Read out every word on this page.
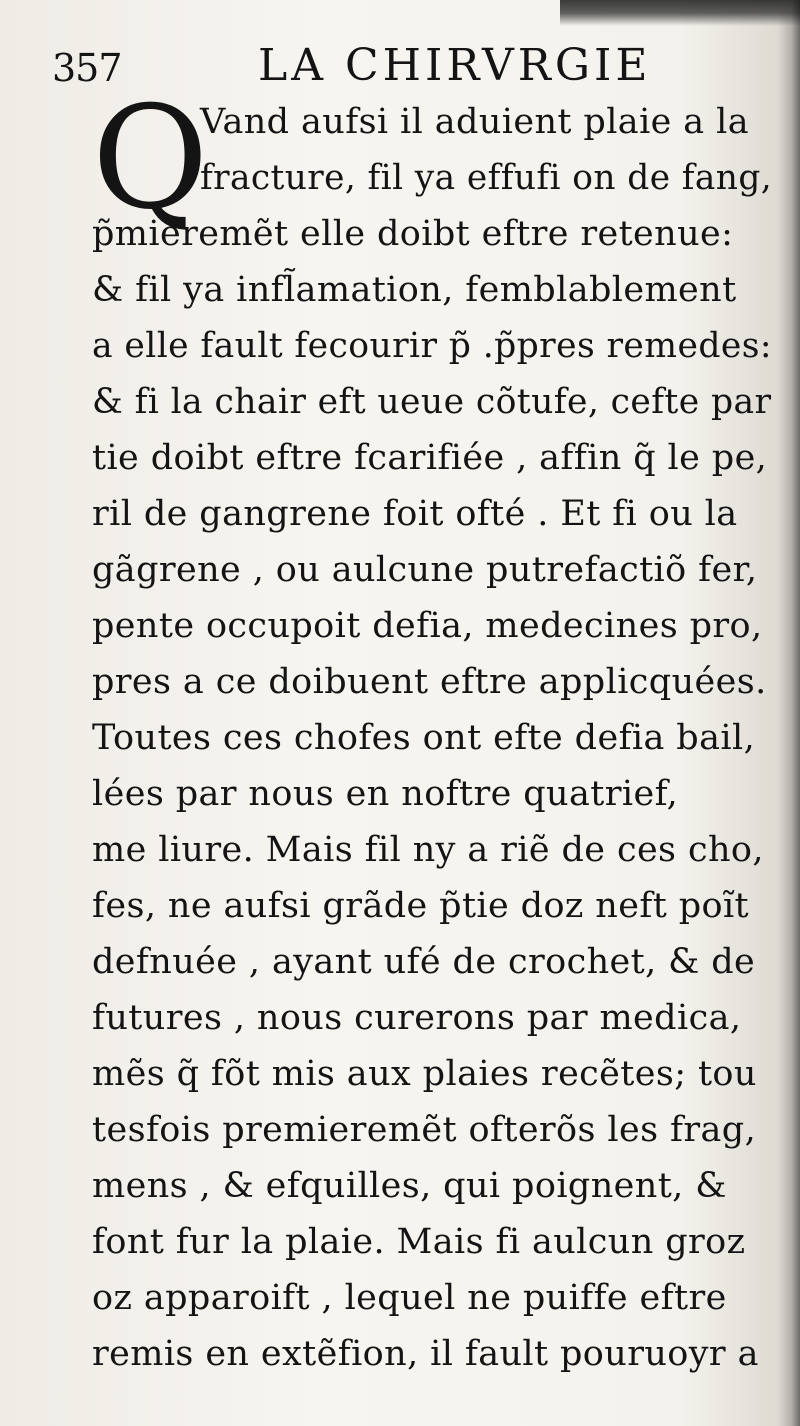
357	LA CHIRVRGIE
Q
Vand aufsi il aduient plaie a la
fracture, fil ya effufi on de fang,
p̃mieremẽt elle doibt eftre retenue:
& fil ya infl̃amation, femblablement
a elle fault fecourir p̃ .p̃pres remedes:
& fi la chair eft ueue cõtufe, cefte par
tie doibt eftre fcarifiée , affin q̃ le pe,
ril de gangrene foit ofté . Et fi ou la
gãgrene , ou aulcune putrefactiõ fer,
pente occupoit defia, medecines pro,
pres a ce doibuent eftre applicquées.
Toutes ces chofes ont efte defia bail,
lées par nous en noftre quatrief,
me liure. Mais fil ny a riẽ de ces cho,
fes, ne aufsi grãde p̃tie doz neft poĩt
defnuée , ayant ufé de crochet, & de
futures , nous curerons par medica,
mẽs q̃ fõt mis aux plaies recẽtes; tou
tesfois premieremẽt ofterõs les frag,
mens , & efquilles, qui poignent, &
font fur la plaie. Mais fi aulcun groz
oz apparoift , lequel ne puiffe eftre
remis en extẽfion, il fault pouruoyr a
